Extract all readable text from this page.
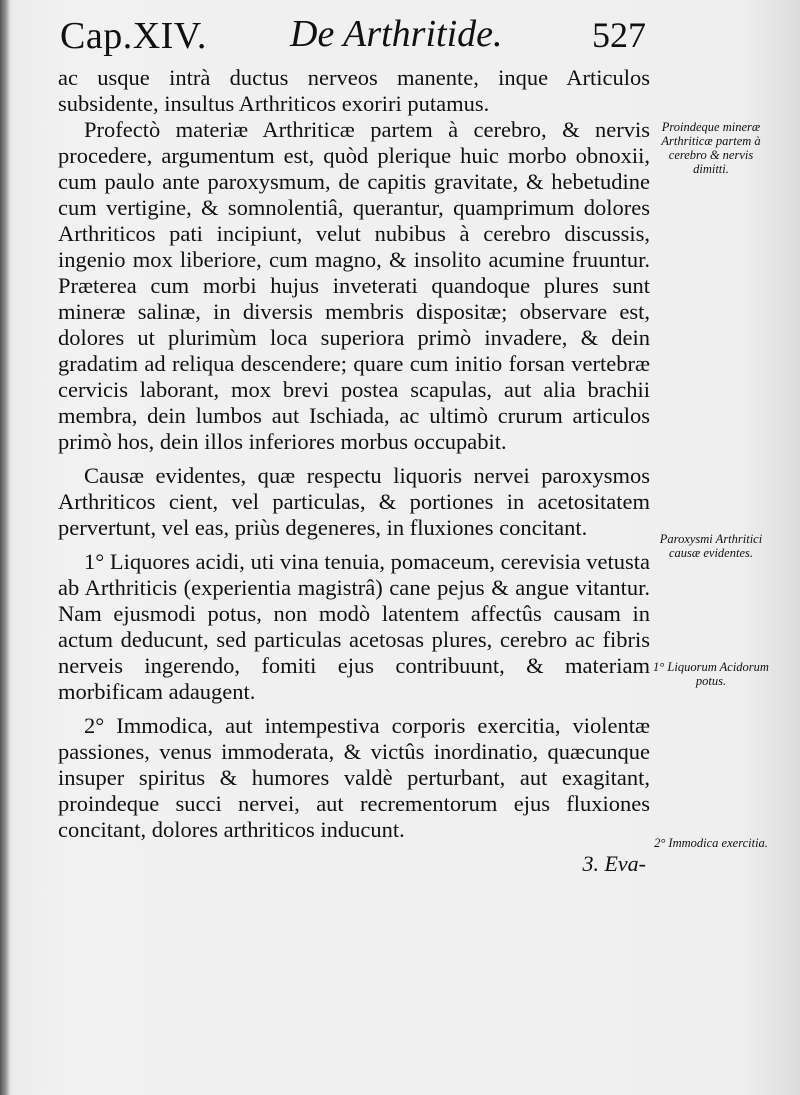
Cap.XIV. De Arthritide. 527

ac usque intrà ductus nerveos manente, inque Articulos subsidente, insultus Arthriticos exoriri putamus.

Profectò materiæ Arthriticæ partem à cerebro, & nervis procedere, argumentum est, quòd plerique huic morbo obnoxii, cum paulo ante paroxysmum, de capitis gravitate, & hebetudine cum vertigine, & somnolentiâ, querantur, quamprimum dolores Arthriticos pati incipiunt, velut nubibus à cerebro discussis, ingenio mox liberiore, cum magno, & insolito acumine fruuntur. Præterea cum morbi hujus inveterati quandoque plures sunt mineræ salinæ, in diversis membris dispositæ; observare est, dolores ut plurimùm loca superiora primò invadere, & dein gradatim ad reliqua descendere; quare cum initio forsan vertebræ cervicis laborant, mox brevi postea scapulas, aut alia brachii membra, dein lumbos aut Ischiada, ac ultimò crurum articulos primò hos, dein illos inferiores morbus occupabit.

Causæ evidentes, quæ respectu liquoris nervei paroxysmos Arthriticos cient, vel particulas, & portiones in acetositatem pervertunt, vel eas, priùs degeneres, in fluxiones concitant.

1° Liquores acidi, uti vina tenuia, pomaceum, cerevisia vetusta ab Arthriticis (experientia magistrâ) cane pejus & angue vitantur. Nam ejusmodi potus, non modò latentem affectûs causam in actum deducunt, sed particulas acetosas plures, cerebro ac fibris nerveis ingerendo, fomiti ejus contribuunt, & materiam morbificam adaugent.

2° Immodica, aut intempestiva corporis exercitia, violentæ passiones, venus immoderata, & victûs inordinatio, quæcunque insuper spiritus & humores valdè perturbant, aut exagitant, proindeque succi nervei, aut recrementorum ejus fluxiones concitant, dolores arthriticos inducunt.

3. Eva-
Proindeque mineræ Arthriticæ partem à cerebro & nervis dimitti.
Paroxysmi Arthritici causæ evidentes.
1° Liquorum Acidorum potus.
2° Immodica exercitia.
